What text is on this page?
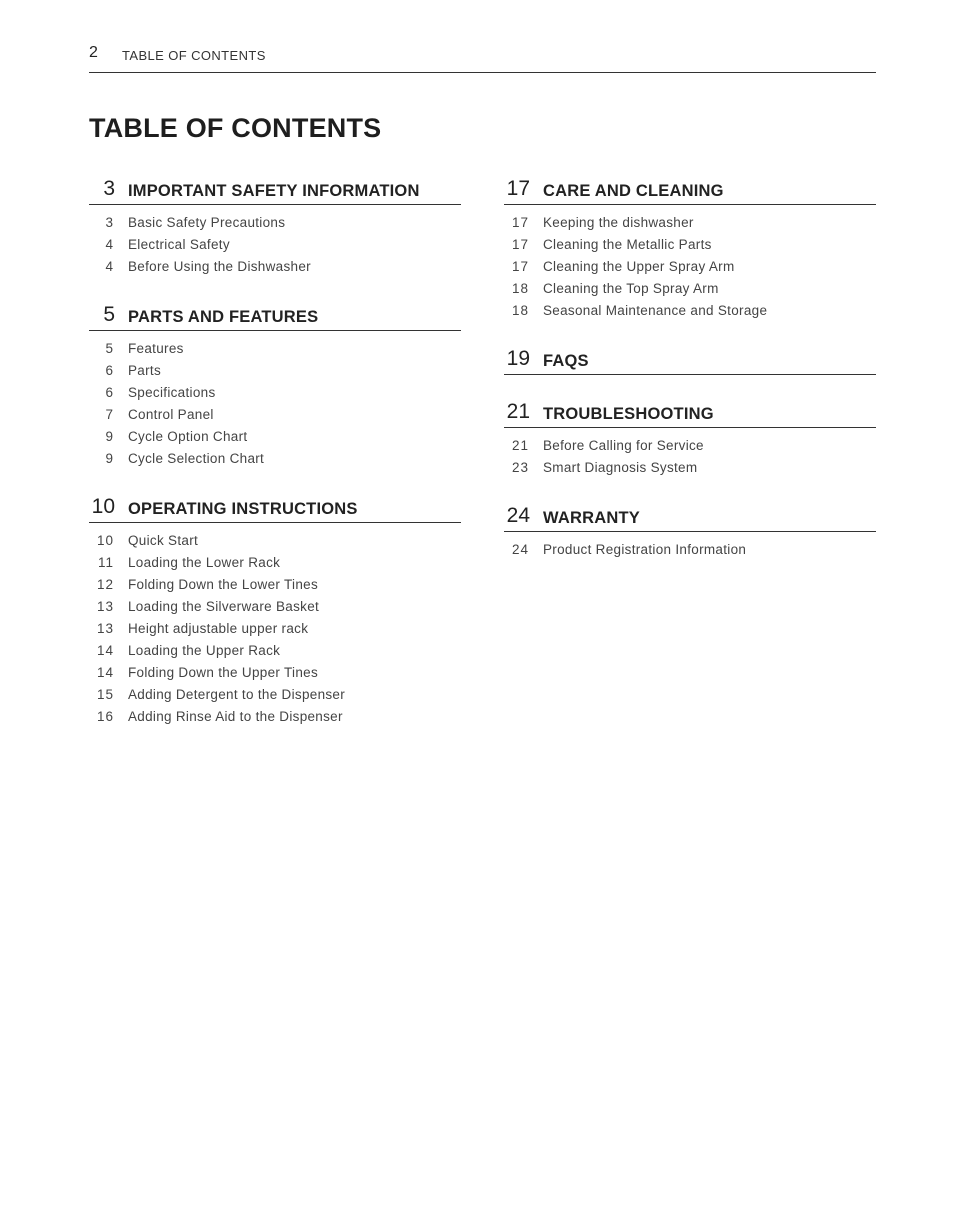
2 TABLE OF CONTENTS
TABLE OF CONTENTS
3 IMPORTANT SAFETY INFORMATION
3 Basic Safety Precautions
4 Electrical Safety
4 Before Using the Dishwasher
5 PARTS AND FEATURES
5 Features
6 Parts
6 Specifications
7 Control Panel
9 Cycle Option Chart
9 Cycle Selection Chart
10 OPERATING INSTRUCTIONS
10 Quick Start
11 Loading the Lower Rack
12 Folding Down the Lower Tines
13 Loading the Silverware Basket
13 Height adjustable upper rack
14 Loading the Upper Rack
14 Folding Down the Upper Tines
15 Adding Detergent to the Dispenser
16 Adding Rinse Aid to the Dispenser
17 CARE AND CLEANING
17 Keeping the dishwasher
17 Cleaning the Metallic Parts
17 Cleaning the Upper Spray Arm
18 Cleaning the Top Spray Arm
18 Seasonal Maintenance and Storage
19 FAQS
21 TROUBLESHOOTING
21 Before Calling for Service
23 Smart Diagnosis System
24 WARRANTY
24 Product Registration Information
